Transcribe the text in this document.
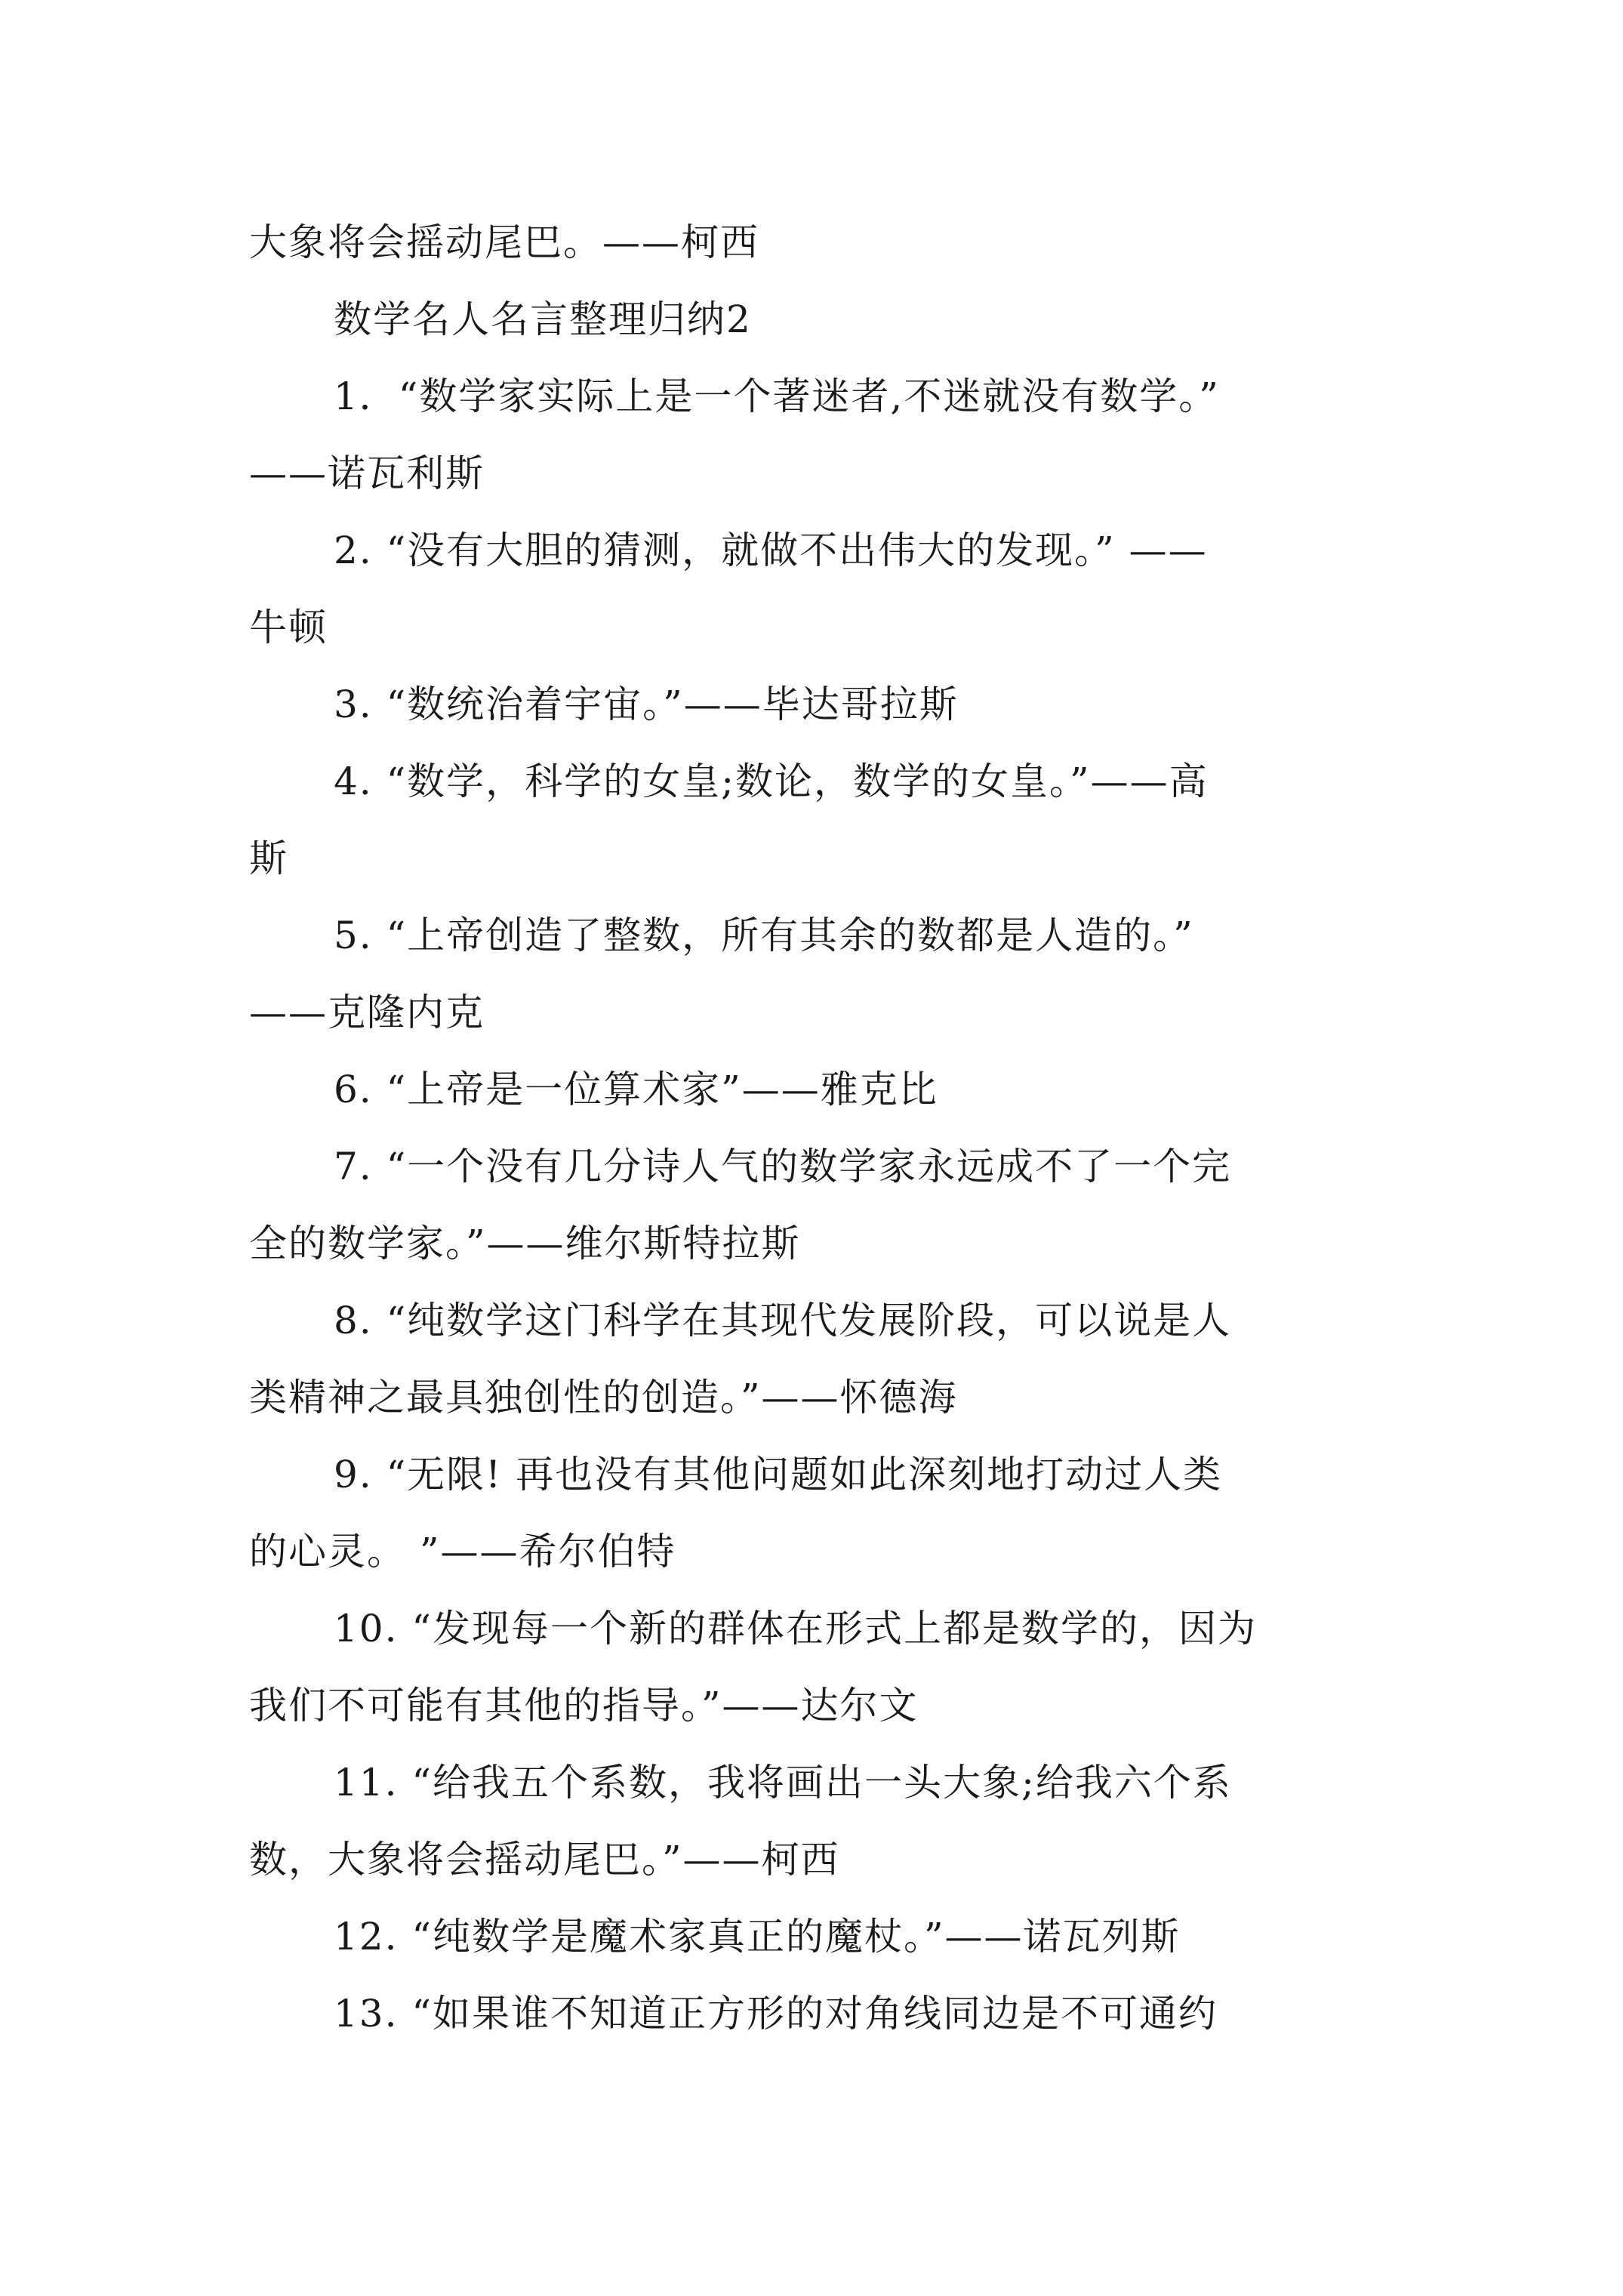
大象将会摇动尾巴。——柯西
数学名人名言整理归纳2
1．“数学家实际上是一个著迷者,不迷就没有数学。”
——诺瓦利斯
2. “没有大胆的猜测，就做不出伟大的发现。” ——
牛顿
3. “数统治着宇宙。”——毕达哥拉斯
4. “数学，科学的女皇;数论，数学的女皇。”——高
斯
5. “上帝创造了整数，所有其余的数都是人造的。”
——克隆内克
6. “上帝是一位算术家”——雅克比
7. “一个没有几分诗人气的数学家永远成不了一个完
全的数学家。”——维尔斯特拉斯
8. “纯数学这门科学在其现代发展阶段，可以说是人
类精神之最具独创性的创造。”——怀德海
9. “无限! 再也没有其他问题如此深刻地打动过人类
的心灵。 ”——希尔伯特
10. “发现每一个新的群体在形式上都是数学的，因为
我们不可能有其他的指导。”——达尔文
11. “给我五个系数，我将画出一头大象;给我六个系
数，大象将会摇动尾巴。”——柯西
12. “纯数学是魔术家真正的魔杖。”——诺瓦列斯
13. “如果谁不知道正方形的对角线同边是不可通约
